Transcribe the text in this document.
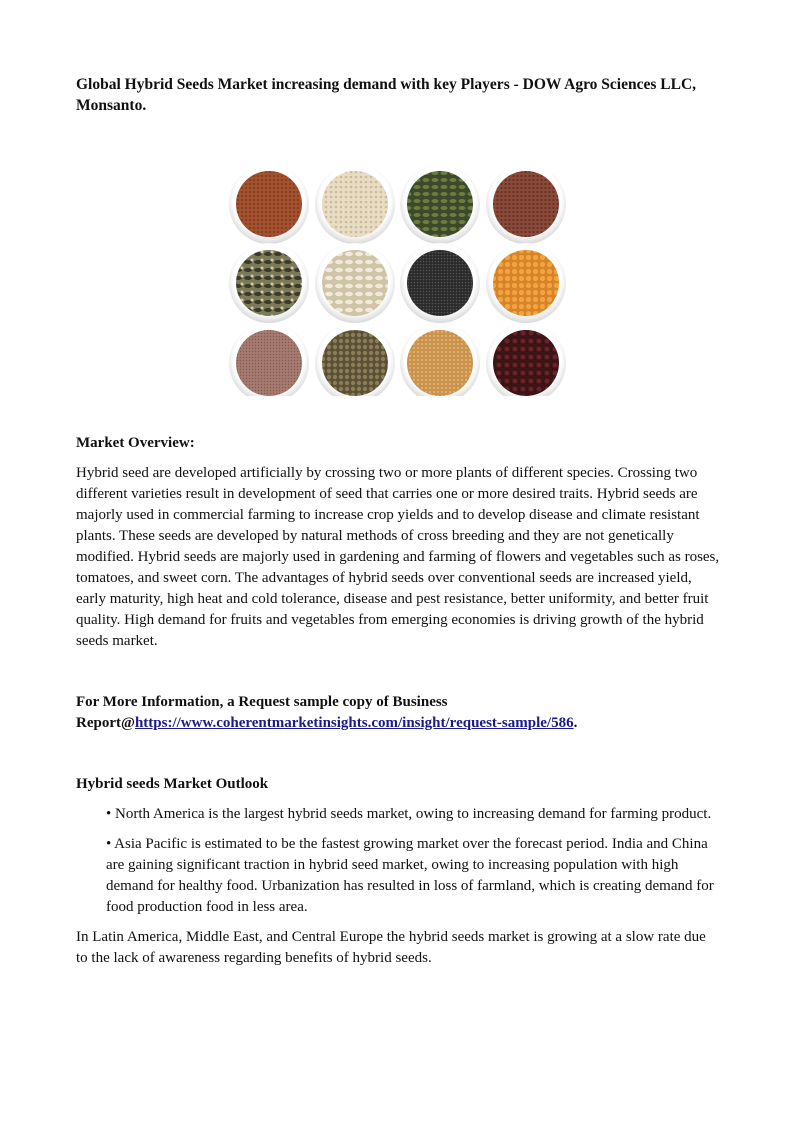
Global Hybrid Seeds Market increasing demand with key Players - DOW Agro Sciences LLC, Monsanto.

Market Overview:

Hybrid seed are developed artificially by crossing two or more plants of different species. Crossing two different varieties result in development of seed that carries one or more desired traits. Hybrid seeds are majorly used in commercial farming to increase crop yields and to develop disease and climate resistant plants. These seeds are developed by natural methods of cross breeding and they are not genetically modified. Hybrid seeds are majorly used in gardening and farming of flowers and vegetables such as roses, tomatoes, and sweet corn. The advantages of hybrid seeds over conventional seeds are increased yield, early maturity, high heat and cold tolerance, disease and pest resistance, better uniformity, and better fruit quality. High demand for fruits and vegetables from emerging economies is driving growth of the hybrid seeds market.

For More Information, a Request sample copy of Business Report@https://www.coherentmarketinsights.com/insight/request-sample/586.

Hybrid seeds Market Outlook

• North America is the largest hybrid seeds market, owing to increasing demand for farming product.
• Asia Pacific is estimated to be the fastest growing market over the forecast period. India and China are gaining significant traction in hybrid seed market, owing to increasing population with high demand for healthy food. Urbanization has resulted in loss of farmland, which is creating demand for food production food in less area.

In Latin America, Middle East, and Central Europe the hybrid seeds market is growing at a slow rate due to the lack of awareness regarding benefits of hybrid seeds.
